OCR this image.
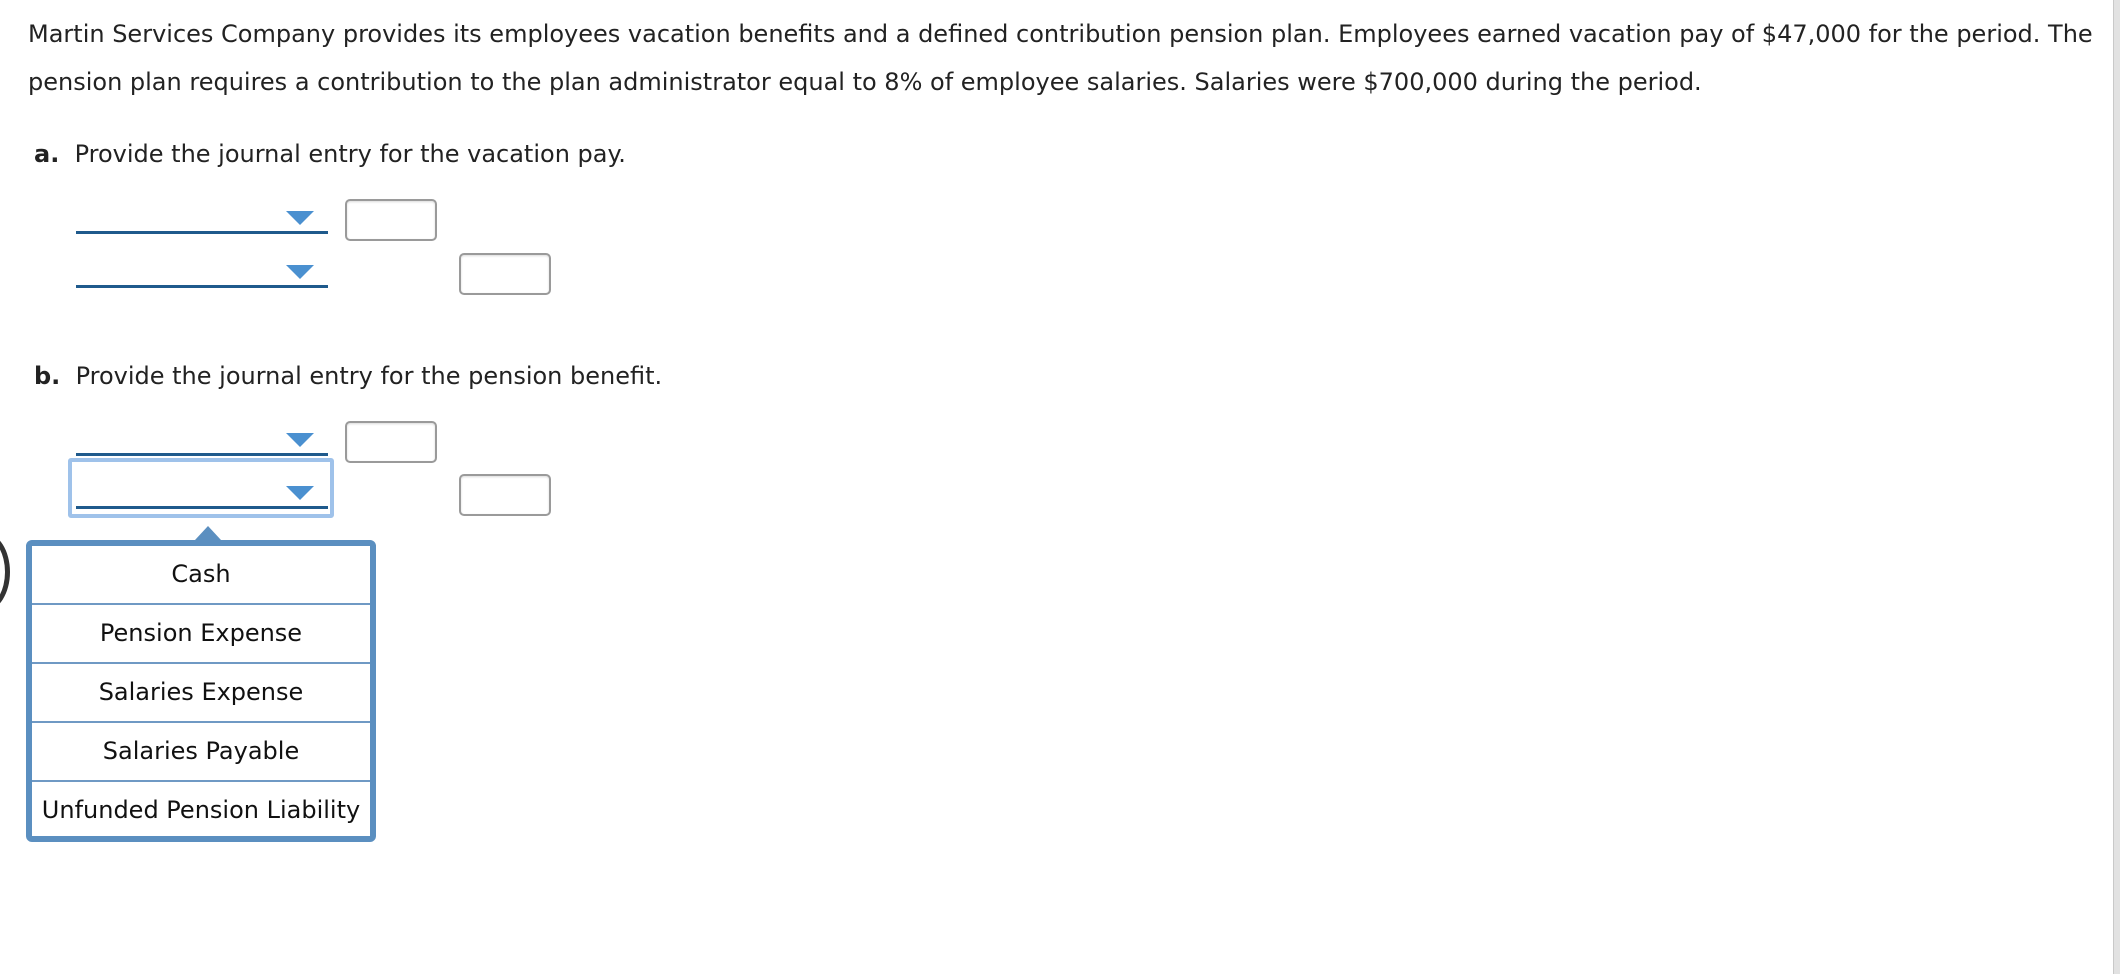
Martin Services Company provides its employees vacation benefits and a defined contribution pension plan. Employees earned vacation pay of $47,000 for the period. The
pension plan requires a contribution to the plan administrator equal to 8% of employee salaries. Salaries were $700,000 during the period.

a. Provide the journal entry for the vacation pay.

b. Provide the journal entry for the pension benefit.

Cash
Pension Expense
Salaries Expense
Salaries Payable
Unfunded Pension Liability
